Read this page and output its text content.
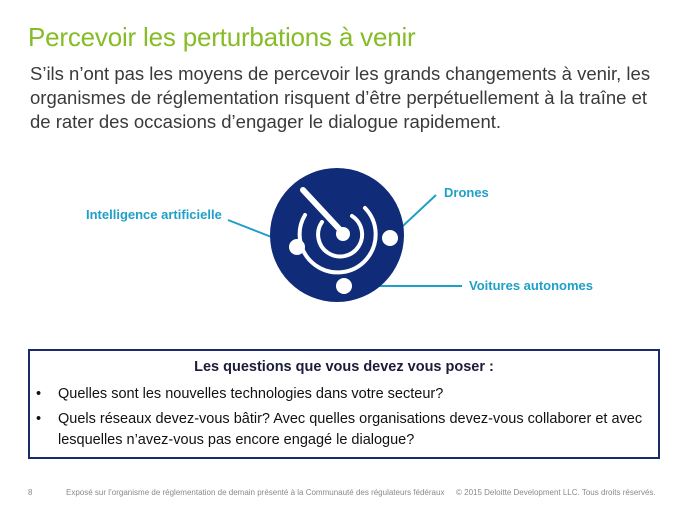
Percevoir les perturbations à venir
S’ils n’ont pas les moyens de percevoir les grands changements à venir, les organismes de réglementation risquent d’être perpétuellement à la traîne et de rater des occasions d’engager le dialogue rapidement.
Intelligence artificielle
Drones
Voitures autonomes
Les questions que vous devez vous poser :
• Quelles sont les nouvelles technologies dans votre secteur?
• Quels réseaux devez-vous bâtir? Avec quelles organisations devez-vous collaborer et avec lesquelles n’avez-vous pas encore engagé le dialogue?
8	Exposé sur l’organisme de réglementation de demain présenté à la Communauté des régulateurs fédéraux © 2015 Deloitte Development LLC. Tous droits réservés.
